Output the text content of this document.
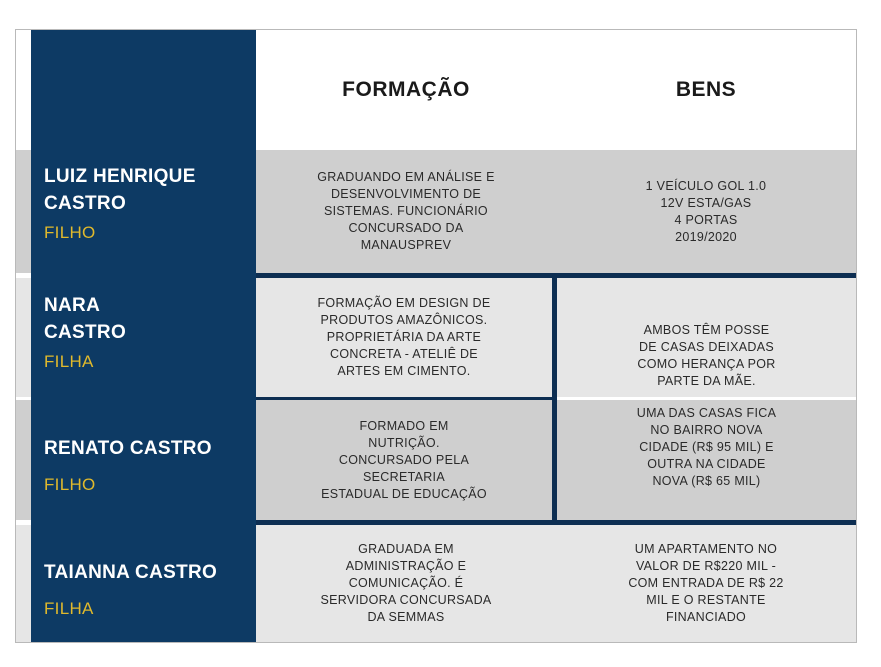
FORMAÇÃO	BENS
LUIZ HENRIQUE
CASTRO
FILHO
GRADUANDO EM ANÁLISE E
DESENVOLVIMENTO DE
SISTEMAS. FUNCIONÁRIO
CONCURSADO DA
MANAUSPREV
1 VEÍCULO GOL 1.0
12V ESTA/GAS
4 PORTAS
2019/2020
NARA
CASTRO
FILHA
FORMAÇÃO EM DESIGN DE
PRODUTOS AMAZÔNICOS.
PROPRIETÁRIA DA ARTE
CONCRETA - ATELIÊ DE
ARTES EM CIMENTO.
RENATO CASTRO
FILHO
FORMADO EM
NUTRIÇÃO.
CONCURSADO PELA
SECRETARIA
ESTADUAL DE EDUCAÇÃO
AMBOS TÊM POSSE
DE CASAS DEIXADAS
COMO HERANÇA POR
PARTE DA MÃE.
UMA DAS CASAS FICA
NO BAIRRO NOVA
CIDADE (R$ 95 MIL) E
OUTRA NA CIDADE
NOVA (R$ 65 MIL)
TAIANNA CASTRO
FILHA
GRADUADA EM
ADMINISTRAÇÃO E
COMUNICAÇÃO. É
SERVIDORA CONCURSADA
DA SEMMAS
UM APARTAMENTO NO
VALOR DE R$220 MIL -
COM ENTRADA DE R$ 22
MIL E O RESTANTE
FINANCIADO
